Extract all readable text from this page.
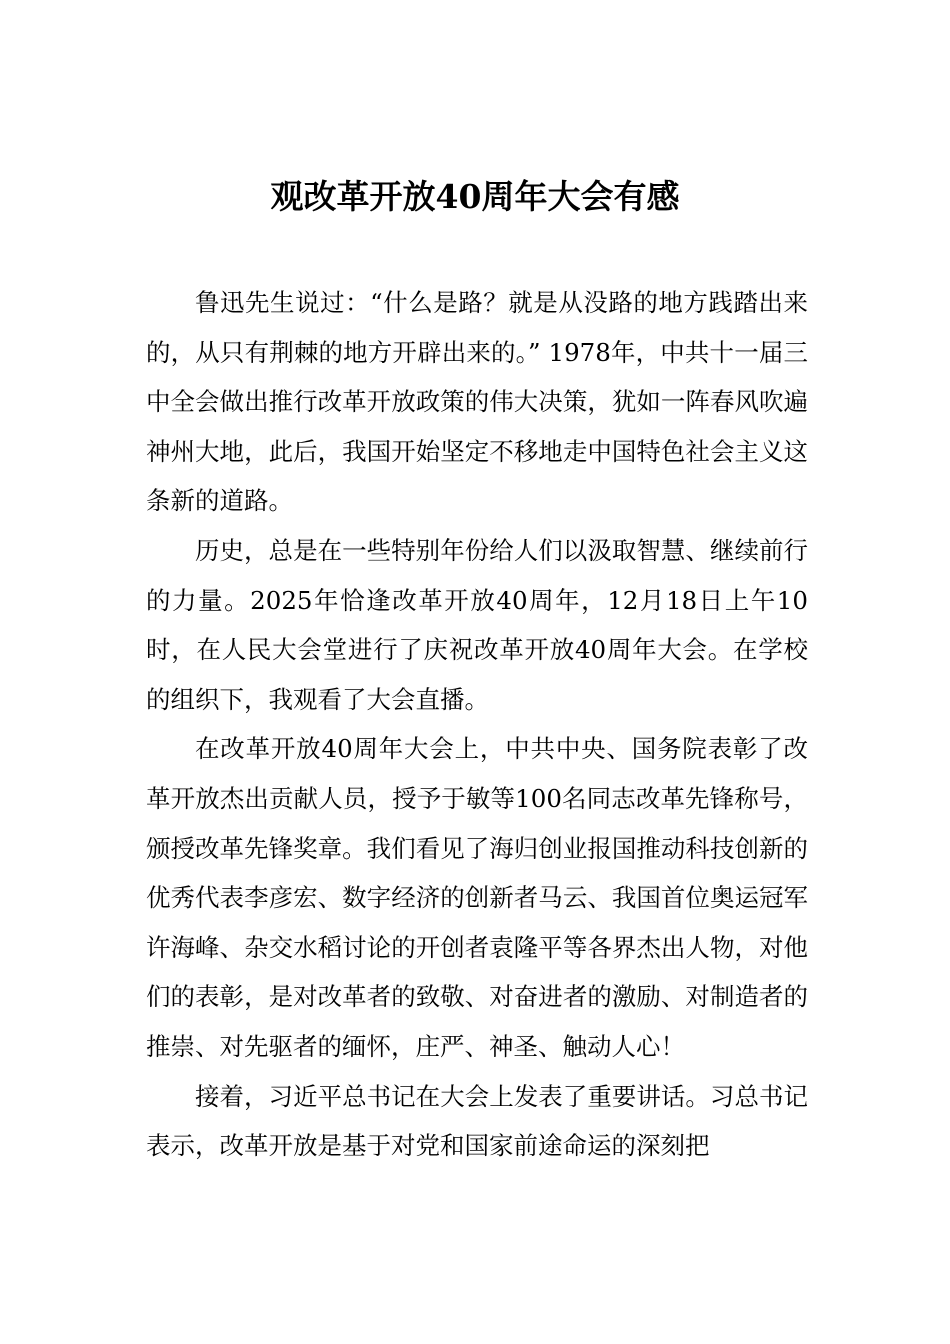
观改革开放40周年大会有感

鲁迅先生说过：“什么是路？就是从没路的地方践踏出来的，从只有荆棘的地方开辟出来的。” 1978年，中共十一届三中全会做出推行改革开放政策的伟大决策，犹如一阵春风吹遍神州大地，此后，我国开始坚定不移地走中国特色社会主义这条新的道路。

历史，总是在一些特别年份给人们以汲取智慧、继续前行的力量。2025年恰逢改革开放40周年，12月18日上午10时，在人民大会堂进行了庆祝改革开放40周年大会。在学校的组织下，我观看了大会直播。

在改革开放40周年大会上，中共中央、国务院表彰了改革开放杰出贡献人员，授予于敏等100名同志改革先锋称号，颁授改革先锋奖章。我们看见了海归创业报国推动科技创新的优秀代表李彦宏、数字经济的创新者马云、我国首位奥运冠军许海峰、杂交水稻讨论的开创者袁隆平等各界杰出人物，对他们的表彰，是对改革者的致敬、对奋进者的激励、对制造者的推崇、对先驱者的缅怀，庄严、神圣、触动人心！

接着，习近平总书记在大会上发表了重要讲话。习总书记表示，改革开放是基于对党和国家前途命运的深刻把
